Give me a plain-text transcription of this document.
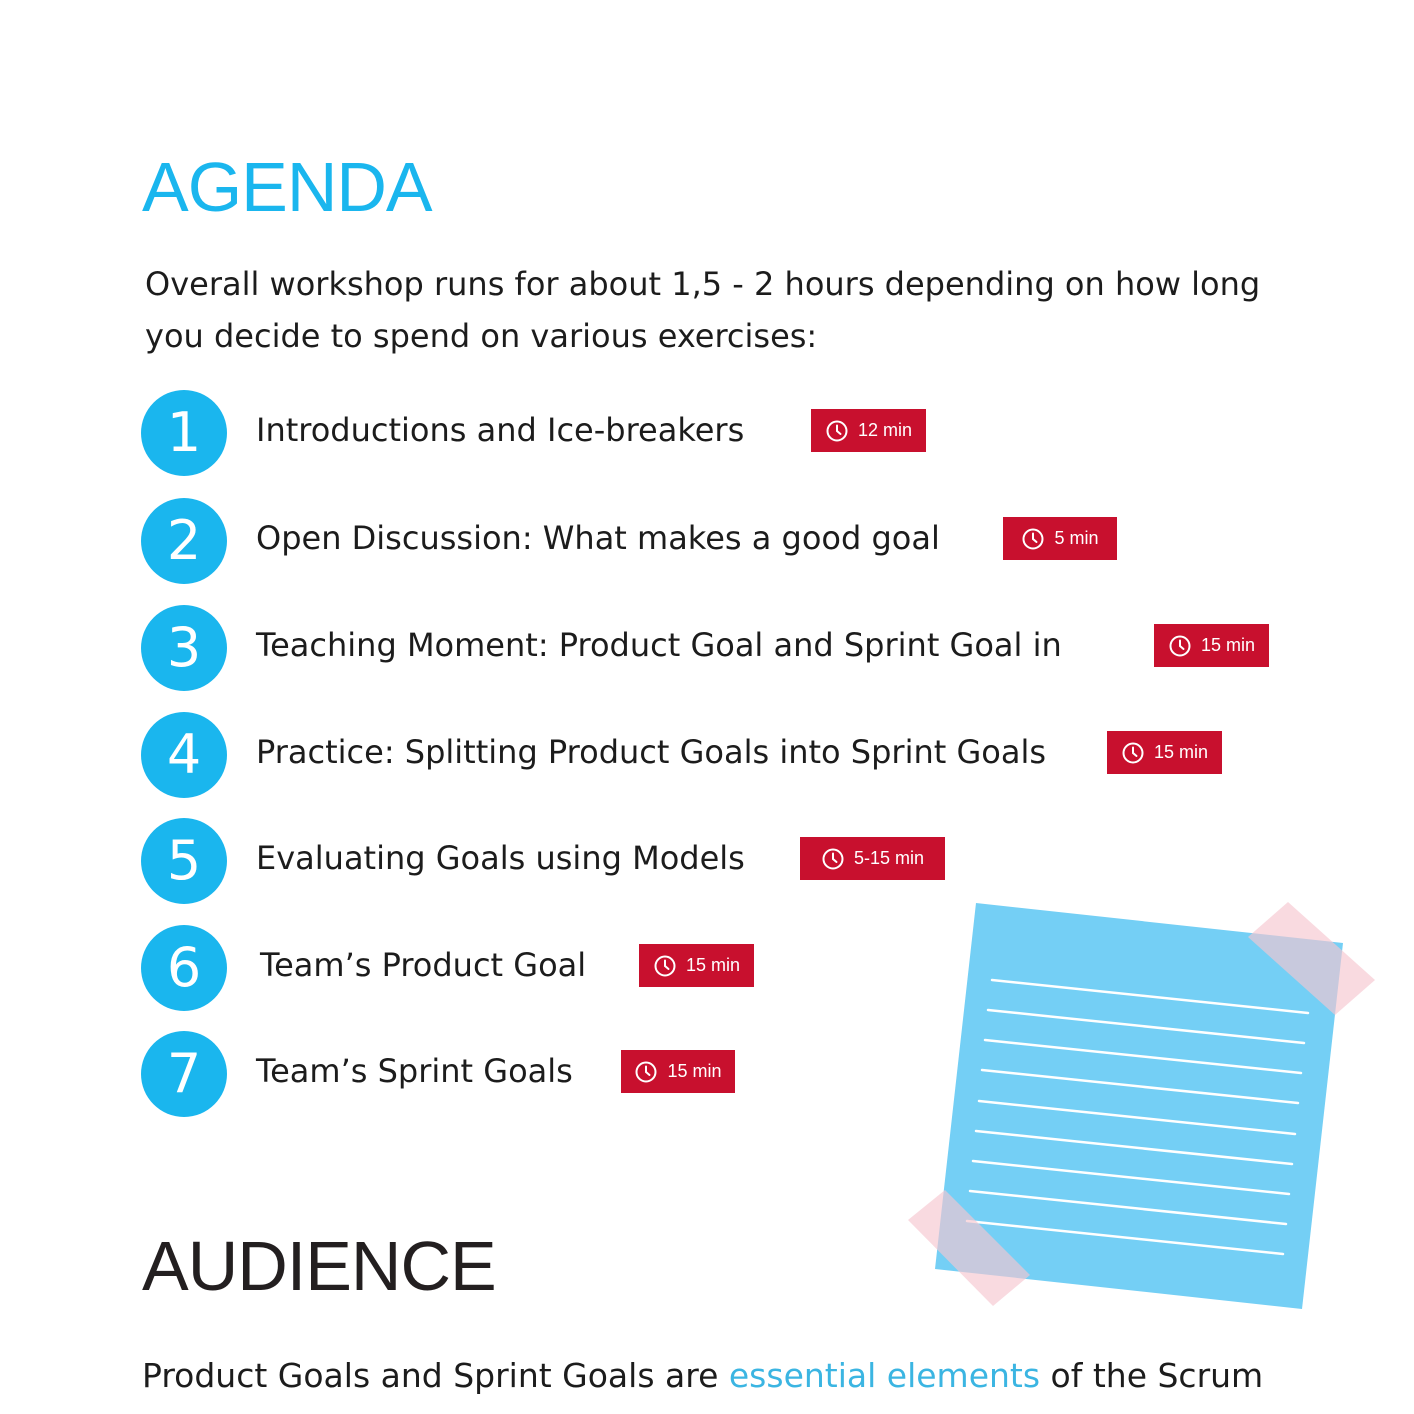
AGENDA

Overall workshop runs for about 1,5 - 2 hours depending on how long you decide to spend on various exercises:

1	Introductions and Ice-breakers	12 min
2	Open Discussion: What makes a good goal	5 min
3	Teaching Moment: Product Goal and Sprint Goal in	15 min
4	Practice: Splitting Product Goals into Sprint Goals	15 min
5	Evaluating Goals using Models	5-15 min
6	Team’s Product Goal	15 min
7	Team’s Sprint Goals	15 min
AUDIENCE

Product Goals and Sprint Goals are essential elements of the Scrum
